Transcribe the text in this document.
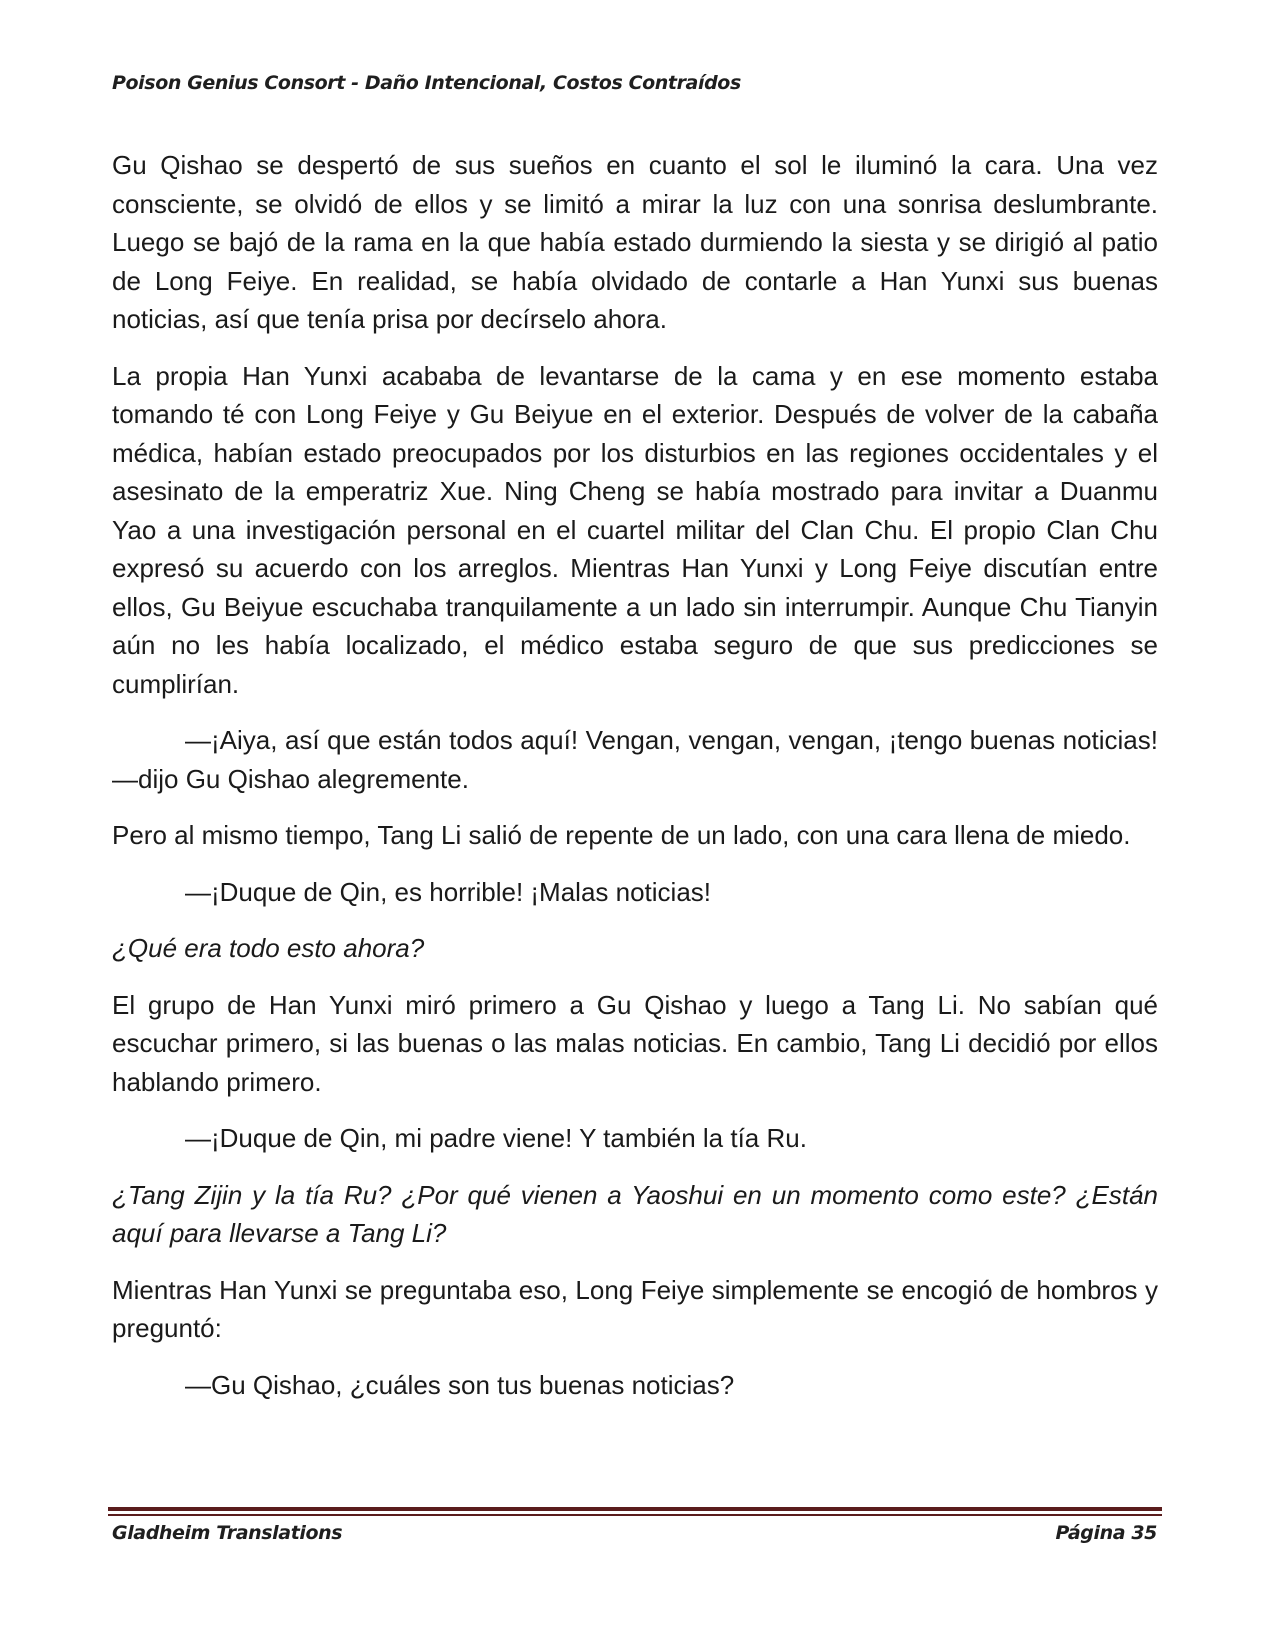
Poison Genius Consort - Daño Intencional, Costos Contraídos

Gu Qishao se despertó de sus sueños en cuanto el sol le iluminó la cara. Una vez consciente, se olvidó de ellos y se limitó a mirar la luz con una sonrisa deslumbrante. Luego se bajó de la rama en la que había estado durmiendo la siesta y se dirigió al patio de Long Feiye. En realidad, se había olvidado de contarle a Han Yunxi sus buenas noticias, así que tenía prisa por decírselo ahora.

La propia Han Yunxi acababa de levantarse de la cama y en ese momento estaba tomando té con Long Feiye y Gu Beiyue en el exterior. Después de volver de la cabaña médica, habían estado preocupados por los disturbios en las regiones occidentales y el asesinato de la emperatriz Xue. Ning Cheng se había mostrado para invitar a Duanmu Yao a una investigación personal en el cuartel militar del Clan Chu. El propio Clan Chu expresó su acuerdo con los arreglos. Mientras Han Yunxi y Long Feiye discutían entre ellos, Gu Beiyue escuchaba tranquilamente a un lado sin interrumpir. Aunque Chu Tianyin aún no les había localizado, el médico estaba seguro de que sus predicciones se cumplirían.

—¡Aiya, así que están todos aquí! Vengan, vengan, vengan, ¡tengo buenas noticias! —dijo Gu Qishao alegremente.

Pero al mismo tiempo, Tang Li salió de repente de un lado, con una cara llena de miedo.

—¡Duque de Qin, es horrible! ¡Malas noticias!

¿Qué era todo esto ahora?

El grupo de Han Yunxi miró primero a Gu Qishao y luego a Tang Li. No sabían qué escuchar primero, si las buenas o las malas noticias. En cambio, Tang Li decidió por ellos hablando primero.

—¡Duque de Qin, mi padre viene! Y también la tía Ru.

¿Tang Zijin y la tía Ru? ¿Por qué vienen a Yaoshui en un momento como este? ¿Están aquí para llevarse a Tang Li?

Mientras Han Yunxi se preguntaba eso, Long Feiye simplemente se encogió de hombros y preguntó:

—Gu Qishao, ¿cuáles son tus buenas noticias?

Gladheim Translations	Página 35
